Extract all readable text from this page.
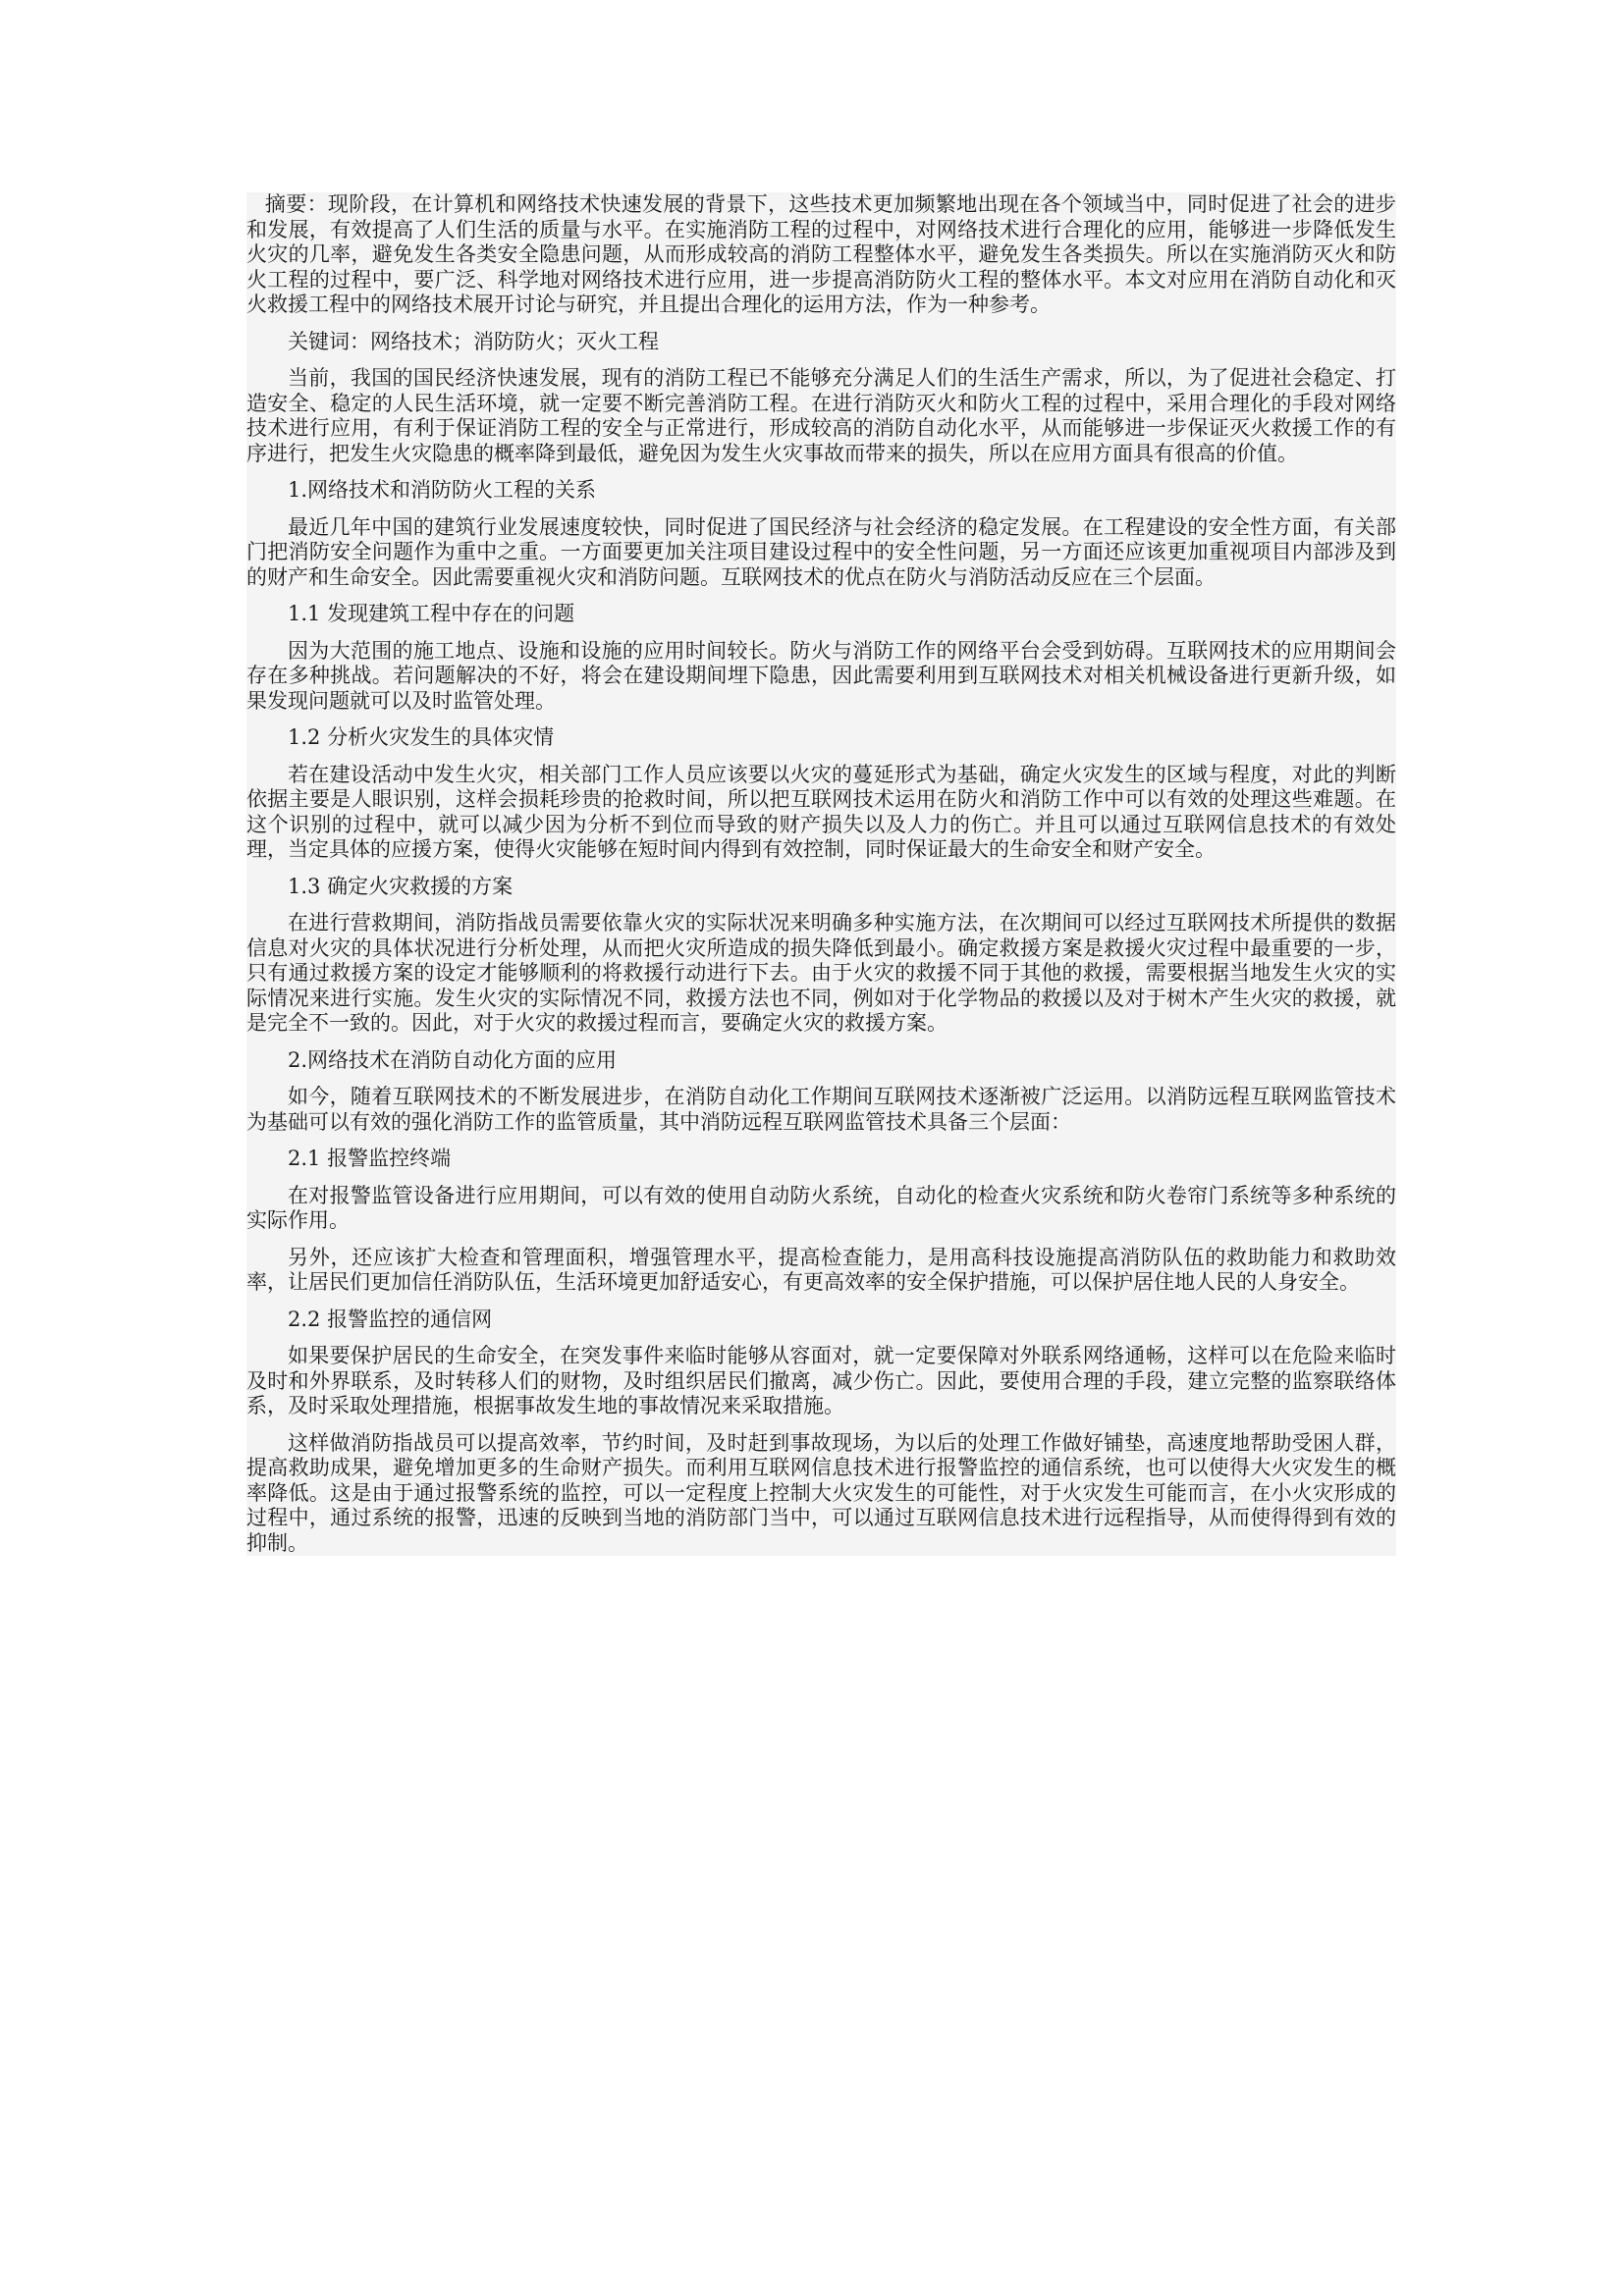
摘要：现阶段，在计算机和网络技术快速发展的背景下，这些技术更加频繁地出现在各个领域当中，同时促进了社会的进步和发展，有效提高了人们生活的质量与水平。在实施消防工程的过程中，对网络技术进行合理化的应用，能够进一步降低发生火灾的几率，避免发生各类安全隐患问题，从而形成较高的消防工程整体水平，避免发生各类损失。所以在实施消防灭火和防火工程的过程中，要广泛、科学地对网络技术进行应用，进一步提高消防防火工程的整体水平。本文对应用在消防自动化和灭火救援工程中的网络技术展开讨论与研究，并且提出合理化的运用方法，作为一种参考。

关键词：网络技术；消防防火；灭火工程

当前，我国的国民经济快速发展，现有的消防工程已不能够充分满足人们的生活生产需求，所以，为了促进社会稳定、打造安全、稳定的人民生活环境，就一定要不断完善消防工程。在进行消防灭火和防火工程的过程中，采用合理化的手段对网络技术进行应用，有利于保证消防工程的安全与正常进行，形成较高的消防自动化水平，从而能够进一步保证灭火救援工作的有序进行，把发生火灾隐患的概率降到最低，避免因为发生火灾事故而带来的损失，所以在应用方面具有很高的价值。

1.网络技术和消防防火工程的关系

最近几年中国的建筑行业发展速度较快，同时促进了国民经济与社会经济的稳定发展。在工程建设的安全性方面，有关部门把消防安全问题作为重中之重。一方面要更加关注项目建设过程中的安全性问题，另一方面还应该更加重视项目内部涉及到的财产和生命安全。因此需要重视火灾和消防问题。互联网技术的优点在防火与消防活动反应在三个层面。

1.1 发现建筑工程中存在的问题

因为大范围的施工地点、设施和设施的应用时间较长。防火与消防工作的网络平台会受到妨碍。互联网技术的应用期间会存在多种挑战。若问题解决的不好，将会在建设期间埋下隐患，因此需要利用到互联网技术对相关机械设备进行更新升级，如果发现问题就可以及时监管处理。

1.2 分析火灾发生的具体灾情

若在建设活动中发生火灾，相关部门工作人员应该要以火灾的蔓延形式为基础，确定火灾发生的区域与程度，对此的判断依据主要是人眼识别，这样会损耗珍贵的抢救时间，所以把互联网技术运用在防火和消防工作中可以有效的处理这些难题。在这个识别的过程中，就可以减少因为分析不到位而导致的财产损失以及人力的伤亡。并且可以通过互联网信息技术的有效处理，当定具体的应援方案，使得火灾能够在短时间内得到有效控制，同时保证最大的生命安全和财产安全。

1.3 确定火灾救援的方案

在进行营救期间，消防指战员需要依靠火灾的实际状况来明确多种实施方法，在次期间可以经过互联网技术所提供的数据信息对火灾的具体状况进行分析处理，从而把火灾所造成的损失降低到最小。确定救援方案是救援火灾过程中最重要的一步，只有通过救援方案的设定才能够顺利的将救援行动进行下去。由于火灾的救援不同于其他的救援，需要根据当地发生火灾的实际情况来进行实施。发生火灾的实际情况不同，救援方法也不同，例如对于化学物品的救援以及对于树木产生火灾的救援，就是完全不一致的。因此，对于火灾的救援过程而言，要确定火灾的救援方案。

2.网络技术在消防自动化方面的应用

如今，随着互联网技术的不断发展进步，在消防自动化工作期间互联网技术逐渐被广泛运用。以消防远程互联网监管技术为基础可以有效的强化消防工作的监管质量，其中消防远程互联网监管技术具备三个层面：

2.1 报警监控终端

在对报警监管设备进行应用期间，可以有效的使用自动防火系统，自动化的检查火灾系统和防火卷帘门系统等多种系统的实际作用。

另外，还应该扩大检查和管理面积，增强管理水平，提高检查能力，是用高科技设施提高消防队伍的救助能力和救助效率，让居民们更加信任消防队伍，生活环境更加舒适安心，有更高效率的安全保护措施，可以保护居住地人民的人身安全。

2.2 报警监控的通信网

如果要保护居民的生命安全，在突发事件来临时能够从容面对，就一定要保障对外联系网络通畅，这样可以在危险来临时及时和外界联系，及时转移人们的财物，及时组织居民们撤离，减少伤亡。因此，要使用合理的手段，建立完整的监察联络体系，及时采取处理措施，根据事故发生地的事故情况来采取措施。

这样做消防指战员可以提高效率，节约时间，及时赶到事故现场，为以后的处理工作做好铺垫，高速度地帮助受困人群，提高救助成果，避免增加更多的生命财产损失。而利用互联网信息技术进行报警监控的通信系统，也可以使得大火灾发生的概率降低。这是由于通过报警系统的监控，可以一定程度上控制大火灾发生的可能性，对于火灾发生可能而言，在小火灾形成的过程中，通过系统的报警，迅速的反映到当地的消防部门当中，可以通过互联网信息技术进行远程指导，从而使得得到有效的抑制。
